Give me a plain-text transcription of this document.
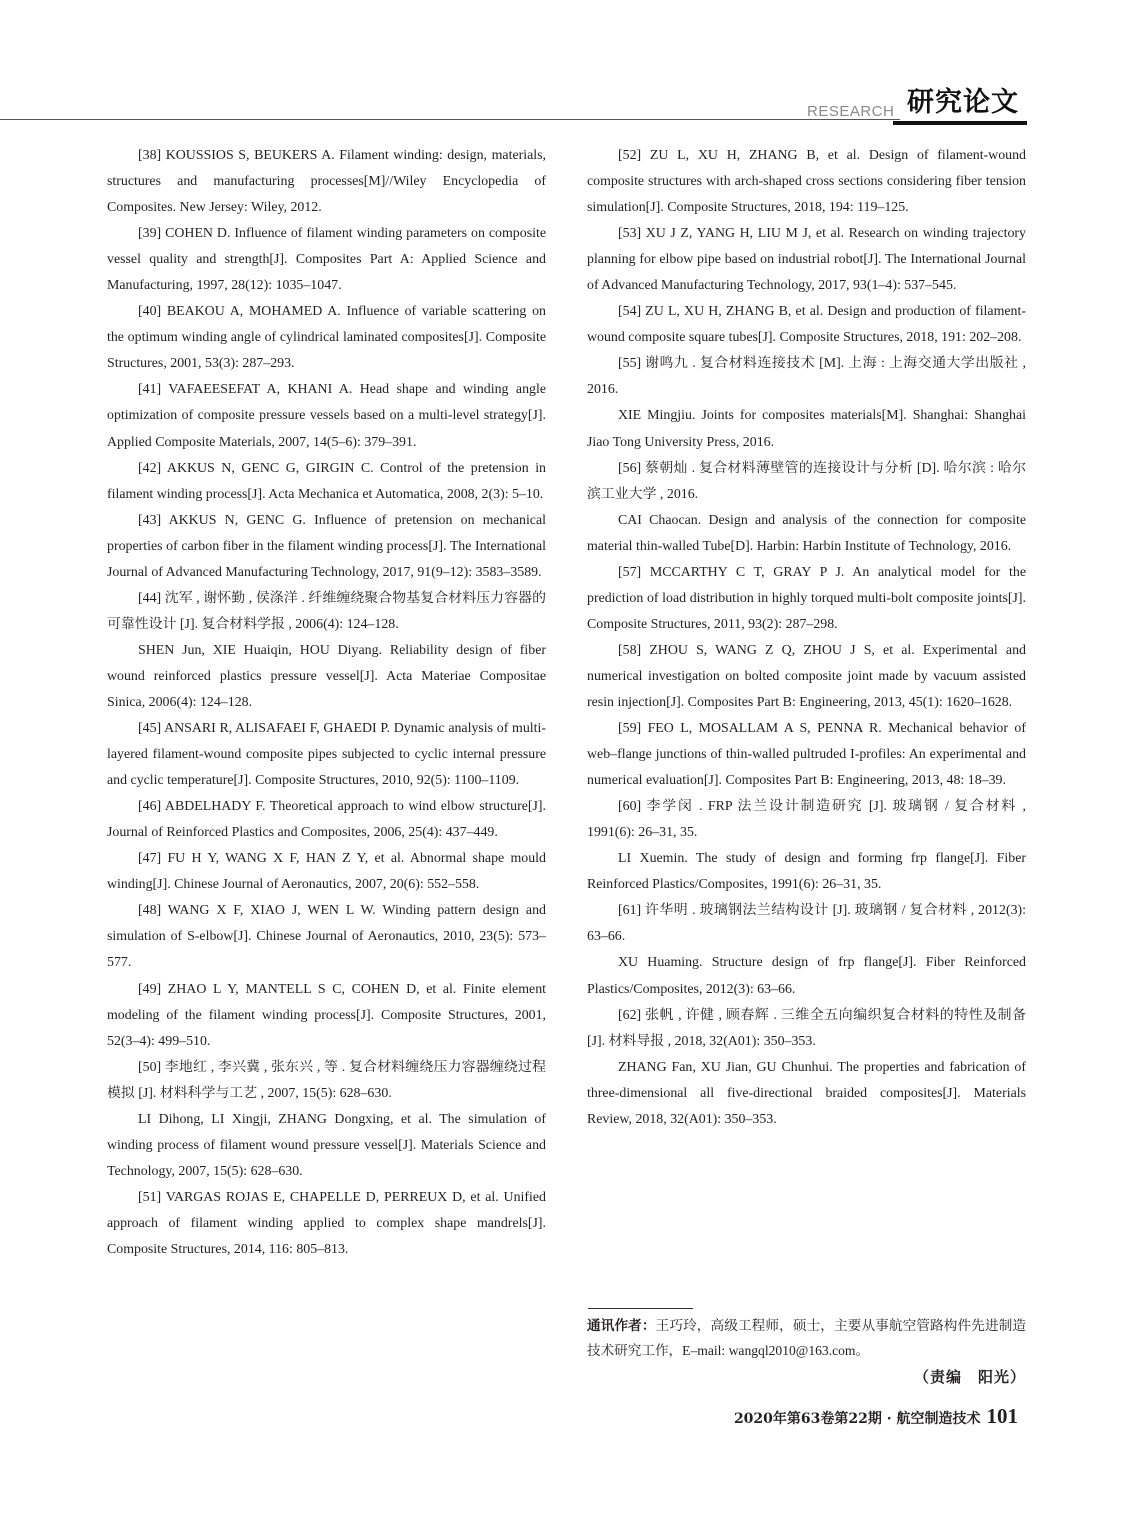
RESEARCH 研究论文

[38] KOUSSIOS S, BEUKERS A. Filament winding: design, materials, structures and manufacturing processes[M]//Wiley Encyclopedia of Composites. New Jersey: Wiley, 2012.

[39] COHEN D. Influence of filament winding parameters on composite vessel quality and strength[J]. Composites Part A: Applied Science and Manufacturing, 1997, 28(12): 1035–1047.

[40] BEAKOU A, MOHAMED A. Influence of variable scattering on the optimum winding angle of cylindrical laminated composites[J]. Composite Structures, 2001, 53(3): 287–293.

[41] VAFAEESEFAT A, KHANI A. Head shape and winding angle optimization of composite pressure vessels based on a multi-level strategy[J]. Applied Composite Materials, 2007, 14(5–6): 379–391.

[42] AKKUS N, GENC G, GIRGIN C. Control of the pretension in filament winding process[J]. Acta Mechanica et Automatica, 2008, 2(3): 5–10.

[43] AKKUS N, GENC G. Influence of pretension on mechanical properties of carbon fiber in the filament winding process[J]. The International Journal of Advanced Manufacturing Technology, 2017, 91(9–12): 3583–3589.

[44] 沈军 , 谢怀勤 , 侯涤洋 . 纤维缠绕聚合物基复合材料压力容器的可靠性设计 [J]. 复合材料学报 , 2006(4): 124–128.

SHEN Jun, XIE Huaiqin, HOU Diyang. Reliability design of fiber wound reinforced plastics pressure vessel[J]. Acta Materiae Compositae Sinica, 2006(4): 124–128.

[45] ANSARI R, ALISAFAEI F, GHAEDI P. Dynamic analysis of multi-layered filament-wound composite pipes subjected to cyclic internal pressure and cyclic temperature[J]. Composite Structures, 2010, 92(5): 1100–1109.

[46] ABDELHADY F. Theoretical approach to wind elbow structure[J]. Journal of Reinforced Plastics and Composites, 2006, 25(4): 437–449.

[47] FU H Y, WANG X F, HAN Z Y, et al. Abnormal shape mould winding[J]. Chinese Journal of Aeronautics, 2007, 20(6): 552–558.

[48] WANG X F, XIAO J, WEN L W. Winding pattern design and simulation of S-elbow[J]. Chinese Journal of Aeronautics, 2010, 23(5): 573–577.

[49] ZHAO L Y, MANTELL S C, COHEN D, et al. Finite element modeling of the filament winding process[J]. Composite Structures, 2001, 52(3–4): 499–510.

[50] 李地红 , 李兴冀 , 张东兴 , 等 . 复合材料缠绕压力容器缠绕过程模拟 [J]. 材料科学与工艺 , 2007, 15(5): 628–630.

LI Dihong, LI Xingji, ZHANG Dongxing, et al. The simulation of winding process of filament wound pressure vessel[J]. Materials Science and Technology, 2007, 15(5): 628–630.

[51] VARGAS ROJAS E, CHAPELLE D, PERREUX D, et al. Unified approach of filament winding applied to complex shape mandrels[J]. Composite Structures, 2014, 116: 805–813.

[52] ZU L, XU H, ZHANG B, et al. Design of filament-wound composite structures with arch-shaped cross sections considering fiber tension simulation[J]. Composite Structures, 2018, 194: 119–125.

[53] XU J Z, YANG H, LIU M J, et al. Research on winding trajectory planning for elbow pipe based on industrial robot[J]. The International Journal of Advanced Manufacturing Technology, 2017, 93(1–4): 537–545.

[54] ZU L, XU H, ZHANG B, et al. Design and production of filament-wound composite square tubes[J]. Composite Structures, 2018, 191: 202–208.

[55] 谢鸣九 . 复合材料连接技术 [M]. 上海 : 上海交通大学出版社 , 2016.

XIE Mingjiu. Joints for composites materials[M]. Shanghai: Shanghai Jiao Tong University Press, 2016.

[56] 蔡朝灿 . 复合材料薄壁管的连接设计与分析 [D]. 哈尔滨 : 哈尔滨工业大学 , 2016.

CAI Chaocan. Design and analysis of the connection for composite material thin-walled Tube[D]. Harbin: Harbin Institute of Technology, 2016.

[57] MCCARTHY C T, GRAY P J. An analytical model for the prediction of load distribution in highly torqued multi-bolt composite joints[J]. Composite Structures, 2011, 93(2): 287–298.

[58] ZHOU S, WANG Z Q, ZHOU J S, et al. Experimental and numerical investigation on bolted composite joint made by vacuum assisted resin injection[J]. Composites Part B: Engineering, 2013, 45(1): 1620–1628.

[59] FEO L, MOSALLAM A S, PENNA R. Mechanical behavior of web–flange junctions of thin-walled pultruded I-profiles: An experimental and numerical evaluation[J]. Composites Part B: Engineering, 2013, 48: 18–39.

[60] 李学闵 . FRP 法兰设计制造研究 [J]. 玻璃钢 / 复合材料 , 1991(6): 26–31, 35.

LI Xuemin. The study of design and forming frp flange[J]. Fiber Reinforced Plastics/Composites, 1991(6): 26–31, 35.

[61] 许华明 . 玻璃钢法兰结构设计 [J]. 玻璃钢 / 复合材料 , 2012(3): 63–66.

XU Huaming. Structure design of frp flange[J]. Fiber Reinforced Plastics/Composites, 2012(3): 63–66.

[62] 张帆 , 许健 , 顾春辉 . 三维全五向编织复合材料的特性及制备 [J]. 材料导报 , 2018, 32(A01): 350–353.

ZHANG Fan, XU Jian, GU Chunhui. The properties and fabrication of three-dimensional all five-directional braided composites[J]. Materials Review, 2018, 32(A01): 350–353.

通讯作者：王巧玲，高级工程师，硕士，主要从事航空管路构件先进制造技术研究工作，E–mail: wangql2010@163.com。
（责编　阳光）
2020年第63卷第22期 · 航空制造技术 101
